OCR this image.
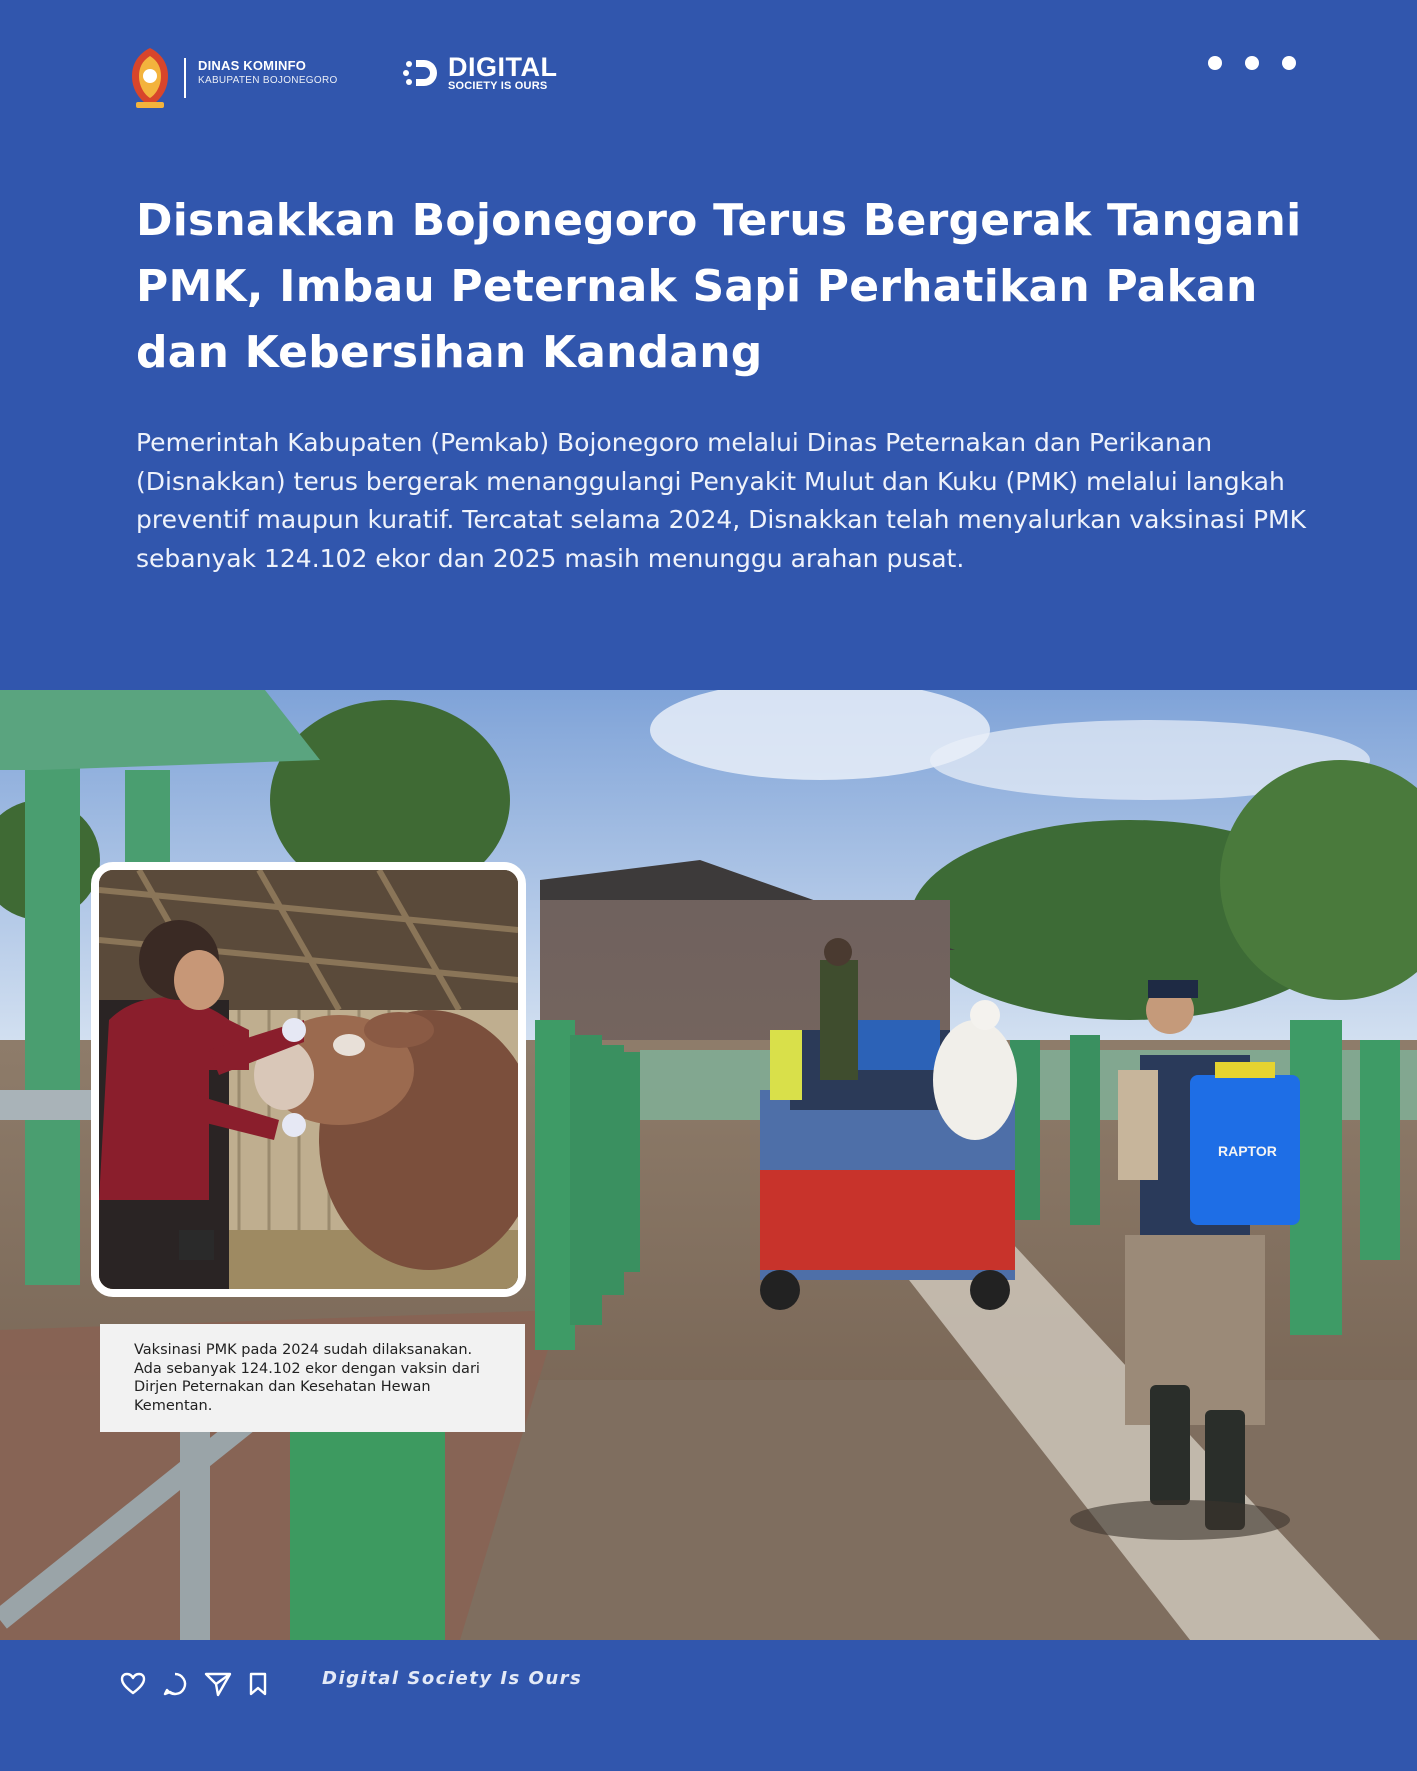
DINAS KOMINFO
KABUPATEN BOJONEGORO	DIGITAL
SOCIETY IS OURS
Disnakkan Bojonegoro Terus Bergerak Tangani PMK, Imbau Peternak Sapi Perhatikan Pakan dan Kebersihan Kandang

Pemerintah Kabupaten (Pemkab) Bojonegoro melalui Dinas Peternakan dan Perikanan (Disnakkan) terus bergerak menanggulangi Penyakit Mulut dan Kuku (PMK) melalui langkah preventif maupun kuratif. Tercatat selama 2024, Disnakkan telah menyalurkan vaksinasi PMK sebanyak 124.102 ekor dan 2025 masih menunggu arahan pusat.

RAPTOR
Vaksinasi PMK pada 2024 sudah dilaksanakan. Ada sebanyak 124.102 ekor dengan vaksin dari Dirjen Peternakan dan Kesehatan Hewan Kementan.
Digital Society Is Ours
